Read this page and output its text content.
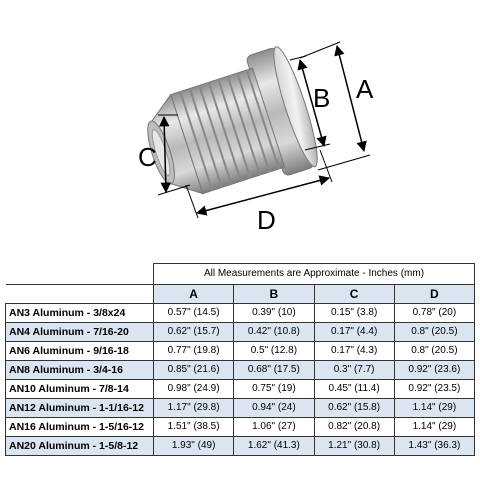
A
B
C
D
	All Measurements are Approximate - Inches (mm)			
	A	B	C	D
AN3 Aluminum - 3/8x24	0.57" (14.5)	0.39" (10)	0.15" (3.8)	0.78" (20)
AN4 Aluminum - 7/16-20	0.62" (15.7)	0.42" (10.8)	0.17" (4.4)	0.8" (20.5)
AN6 Aluminum - 9/16-18	0.77" (19.8)	0.5" (12.8)	0.17" (4.3)	0.8" (20.5)
AN8 Aluminum - 3/4-16	0.85" (21.6)	0.68" (17.5)	0.3" (7.7)	0.92" (23.6)
AN10 Aluminum - 7/8-14	0.98" (24.9)	0.75" (19)	0.45" (11.4)	0.92" (23.5)
AN12 Aluminum - 1-1/16-12	1.17" (29.8)	0.94" (24)	0.62" (15.8)	1.14" (29)
AN16 Aluminum - 1-5/16-12	1.51" (38.5)	1.06" (27)	0.82" (20.8)	1.14" (29)
AN20 Aluminum - 1-5/8-12	1.93" (49)	1.62" (41.3)	1.21" (30.8)	1.43" (36.3)
